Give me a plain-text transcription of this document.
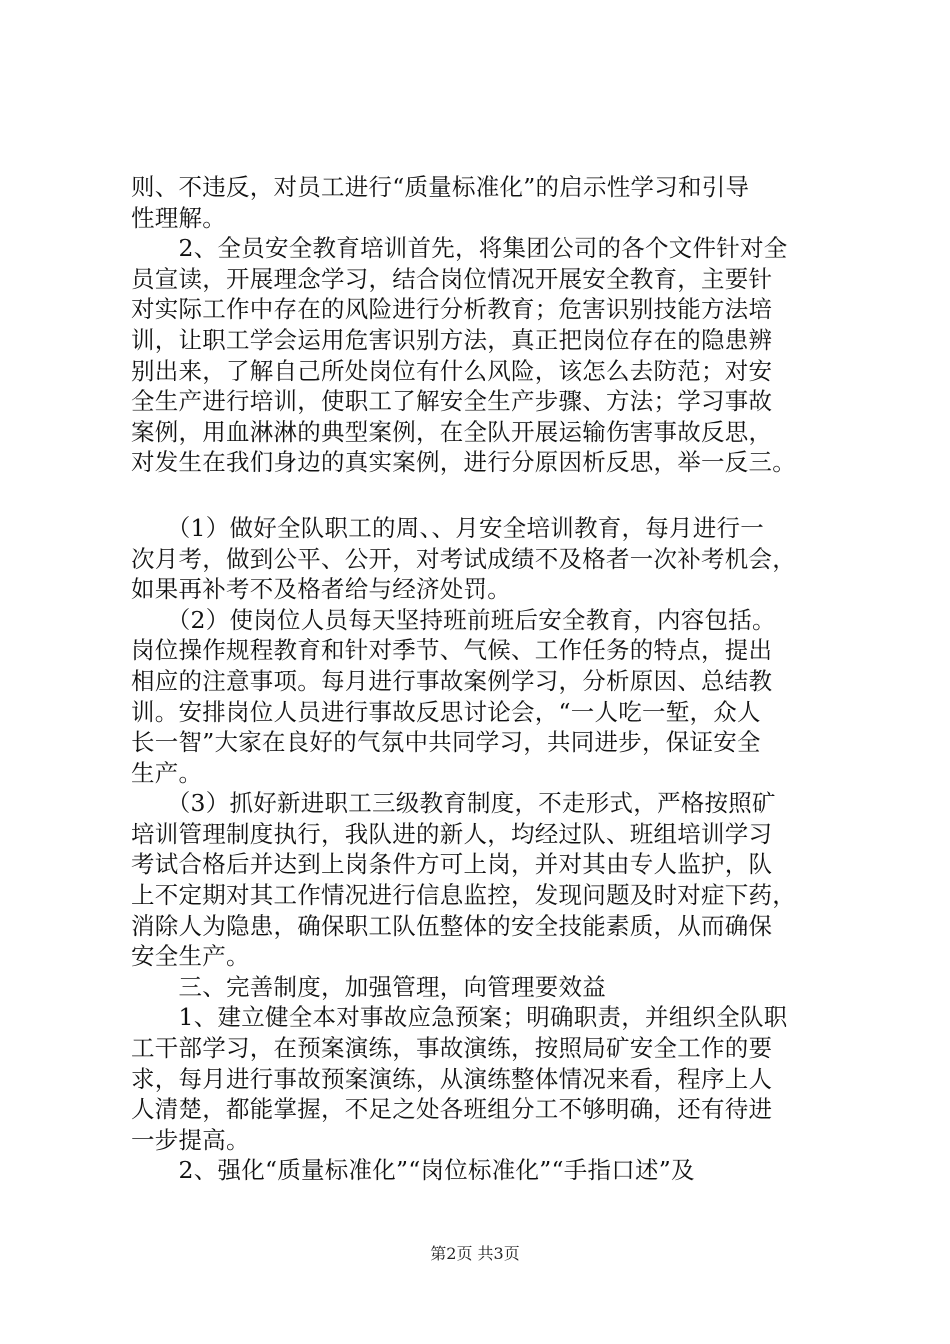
则、不违反，对员工进行“质量标准化”的启示性学习和引导
性理解。
　　2、全员安全教育培训首先，将集团公司的各个文件针对全
员宣读，开展理念学习，结合岗位情况开展安全教育，主要针
对实际工作中存在的风险进行分析教育；危害识别技能方法培
训，让职工学会运用危害识别方法，真正把岗位存在的隐患辨
别出来，了解自己所处岗位有什么风险，该怎么去防范；对安
全生产进行培训，使职工了解安全生产步骤、方法；学习事故
案例，用血淋淋的典型案例，在全队开展运输伤害事故反思，
对发生在我们身边的真实案例，进行分原因析反思，举一反三。
　　（1）做好全队职工的周、、月安全培训教育，每月进行一
次月考，做到公平、公开，对考试成绩不及格者一次补考机会，
如果再补考不及格者给与经济处罚。
　　（2）使岗位人员每天坚持班前班后安全教育，内容包括。
岗位操作规程教育和针对季节、气候、工作任务的特点，提出
相应的注意事项。每月进行事故案例学习，分析原因、总结教
训。安排岗位人员进行事故反思讨论会，“一人吃一堑，众人
长一智”大家在良好的气氛中共同学习，共同进步，保证安全
生产。
　　（3）抓好新进职工三级教育制度，不走形式，严格按照矿
培训管理制度执行，我队进的新人，均经过队、班组培训学习
考试合格后并达到上岗条件方可上岗，并对其由专人监护，队
上不定期对其工作情况进行信息监控，发现问题及时对症下药，
消除人为隐患，确保职工队伍整体的安全技能素质，从而确保
安全生产。
　　三、完善制度，加强管理，向管理要效益
　　1、建立健全本对事故应急预案；明确职责，并组织全队职
工干部学习，在预案演练，事故演练，按照局矿安全工作的要
求，每月进行事故预案演练，从演练整体情况来看，程序上人
人清楚，都能掌握，不足之处各班组分工不够明确，还有待进
一步提高。
　　2、强化“质量标准化”“岗位标准化”“手指口述”及
第2页 共3页
